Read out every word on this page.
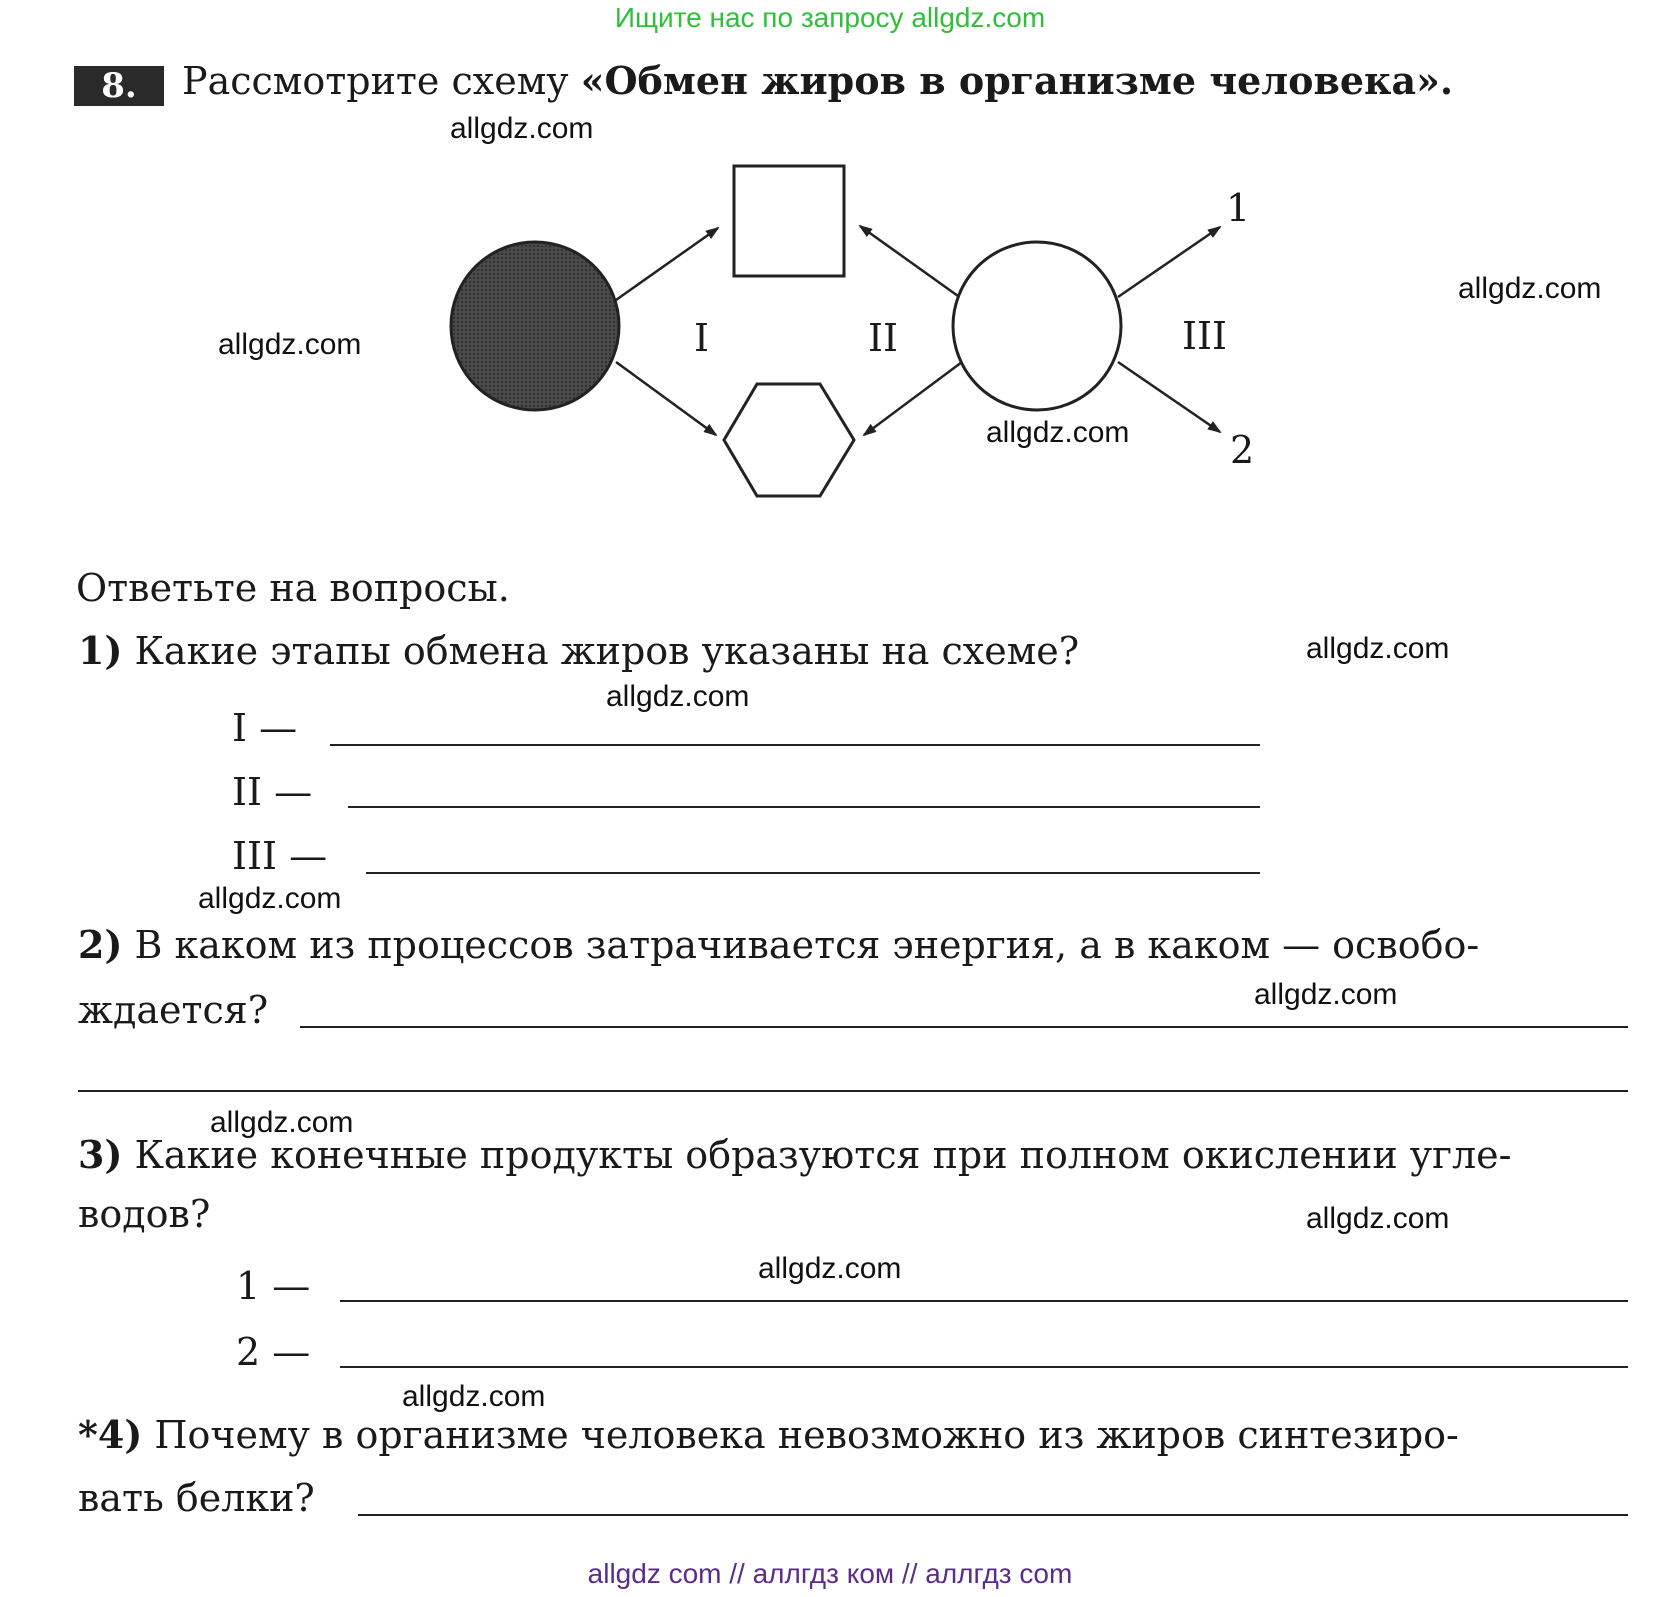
Ищите нас по запросу allgdz.com
8.	Рассмотрите схему «Обмен жиров в организме человека».
I	II	III
1
2
Ответьте на вопросы.
1) Какие этапы обмена жиров указаны на схеме?
I —
II —
III —
2) В каком из процессов затрачивается энергия, а в каком — освобо-
ждается?
3) Какие конечные продукты образуются при полном окислении угле-
водов?
1 —
2 —
*4) Почему в организме человека невозможно из жиров синтезиро-
вать белки?
allgdz.com
allgdz.com
allgdz.com
allgdz.com
allgdz.com
allgdz.com
allgdz.com
allgdz.com
allgdz.com
allgdz.com
allgdz.com
allgdz.com
allgdz com // аллгдз ком // аллгдз com
